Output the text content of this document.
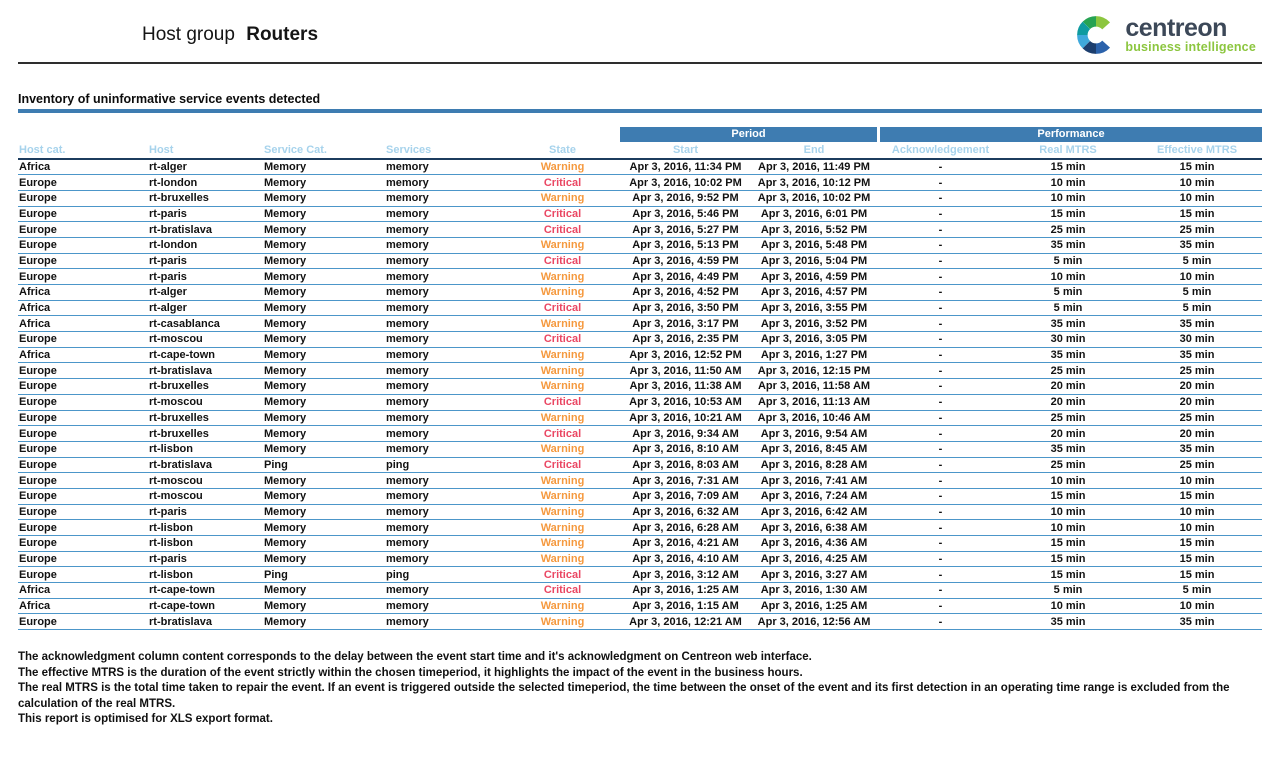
Host group Routers	centreon
business intelligence
Inventory of uninformative service events detected

					Period		Performance		

Host cat.	Host	Service Cat.	Services	State	Start	End	Acknowledgement	Real MTRS	Effective MTRS
Africa	rt-alger	Memory	memory	Warning	Apr 3, 2016, 11:34 PM	Apr 3, 2016, 11:49 PM	-	15 min	15 min
Europe	rt-london	Memory	memory	Critical	Apr 3, 2016, 10:02 PM	Apr 3, 2016, 10:12 PM	-	10 min	10 min
Europe	rt-bruxelles	Memory	memory	Warning	Apr 3, 2016, 9:52 PM	Apr 3, 2016, 10:02 PM	-	10 min	10 min
Europe	rt-paris	Memory	memory	Critical	Apr 3, 2016, 5:46 PM	Apr 3, 2016, 6:01 PM	-	15 min	15 min
Europe	rt-bratislava	Memory	memory	Critical	Apr 3, 2016, 5:27 PM	Apr 3, 2016, 5:52 PM	-	25 min	25 min
Europe	rt-london	Memory	memory	Warning	Apr 3, 2016, 5:13 PM	Apr 3, 2016, 5:48 PM	-	35 min	35 min
Europe	rt-paris	Memory	memory	Critical	Apr 3, 2016, 4:59 PM	Apr 3, 2016, 5:04 PM	-	5 min	5 min
Europe	rt-paris	Memory	memory	Warning	Apr 3, 2016, 4:49 PM	Apr 3, 2016, 4:59 PM	-	10 min	10 min
Africa	rt-alger	Memory	memory	Warning	Apr 3, 2016, 4:52 PM	Apr 3, 2016, 4:57 PM	-	5 min	5 min
Africa	rt-alger	Memory	memory	Critical	Apr 3, 2016, 3:50 PM	Apr 3, 2016, 3:55 PM	-	5 min	5 min
Africa	rt-casablanca	Memory	memory	Warning	Apr 3, 2016, 3:17 PM	Apr 3, 2016, 3:52 PM	-	35 min	35 min
Europe	rt-moscou	Memory	memory	Critical	Apr 3, 2016, 2:35 PM	Apr 3, 2016, 3:05 PM	-	30 min	30 min
Africa	rt-cape-town	Memory	memory	Warning	Apr 3, 2016, 12:52 PM	Apr 3, 2016, 1:27 PM	-	35 min	35 min
Europe	rt-bratislava	Memory	memory	Warning	Apr 3, 2016, 11:50 AM	Apr 3, 2016, 12:15 PM	-	25 min	25 min
Europe	rt-bruxelles	Memory	memory	Warning	Apr 3, 2016, 11:38 AM	Apr 3, 2016, 11:58 AM	-	20 min	20 min
Europe	rt-moscou	Memory	memory	Critical	Apr 3, 2016, 10:53 AM	Apr 3, 2016, 11:13 AM	-	20 min	20 min
Europe	rt-bruxelles	Memory	memory	Warning	Apr 3, 2016, 10:21 AM	Apr 3, 2016, 10:46 AM	-	25 min	25 min
Europe	rt-bruxelles	Memory	memory	Critical	Apr 3, 2016, 9:34 AM	Apr 3, 2016, 9:54 AM	-	20 min	20 min
Europe	rt-lisbon	Memory	memory	Warning	Apr 3, 2016, 8:10 AM	Apr 3, 2016, 8:45 AM	-	35 min	35 min
Europe	rt-bratislava	Ping	ping	Critical	Apr 3, 2016, 8:03 AM	Apr 3, 2016, 8:28 AM	-	25 min	25 min
Europe	rt-moscou	Memory	memory	Warning	Apr 3, 2016, 7:31 AM	Apr 3, 2016, 7:41 AM	-	10 min	10 min
Europe	rt-moscou	Memory	memory	Warning	Apr 3, 2016, 7:09 AM	Apr 3, 2016, 7:24 AM	-	15 min	15 min
Europe	rt-paris	Memory	memory	Warning	Apr 3, 2016, 6:32 AM	Apr 3, 2016, 6:42 AM	-	10 min	10 min
Europe	rt-lisbon	Memory	memory	Warning	Apr 3, 2016, 6:28 AM	Apr 3, 2016, 6:38 AM	-	10 min	10 min
Europe	rt-lisbon	Memory	memory	Warning	Apr 3, 2016, 4:21 AM	Apr 3, 2016, 4:36 AM	-	15 min	15 min
Europe	rt-paris	Memory	memory	Warning	Apr 3, 2016, 4:10 AM	Apr 3, 2016, 4:25 AM	-	15 min	15 min
Europe	rt-lisbon	Ping	ping	Critical	Apr 3, 2016, 3:12 AM	Apr 3, 2016, 3:27 AM	-	15 min	15 min
Africa	rt-cape-town	Memory	memory	Critical	Apr 3, 2016, 1:25 AM	Apr 3, 2016, 1:30 AM	-	5 min	5 min
Africa	rt-cape-town	Memory	memory	Warning	Apr 3, 2016, 1:15 AM	Apr 3, 2016, 1:25 AM	-	10 min	10 min
Europe	rt-bratislava	Memory	memory	Warning	Apr 3, 2016, 12:21 AM	Apr 3, 2016, 12:56 AM	-	35 min	35 min

The acknowledgment column content corresponds to the delay between the event start time and it's acknowledgment on Centreon web interface.

The effective MTRS is the duration of the event strictly within the chosen timeperiod, it highlights the impact of the event in the business hours.

The real MTRS is the total time taken to repair the event. If an event is triggered outside the selected timeperiod, the time between the onset of the event and its first detection in an operating time range is excluded from the calculation of the real MTRS.

This report is optimised for XLS export format.
